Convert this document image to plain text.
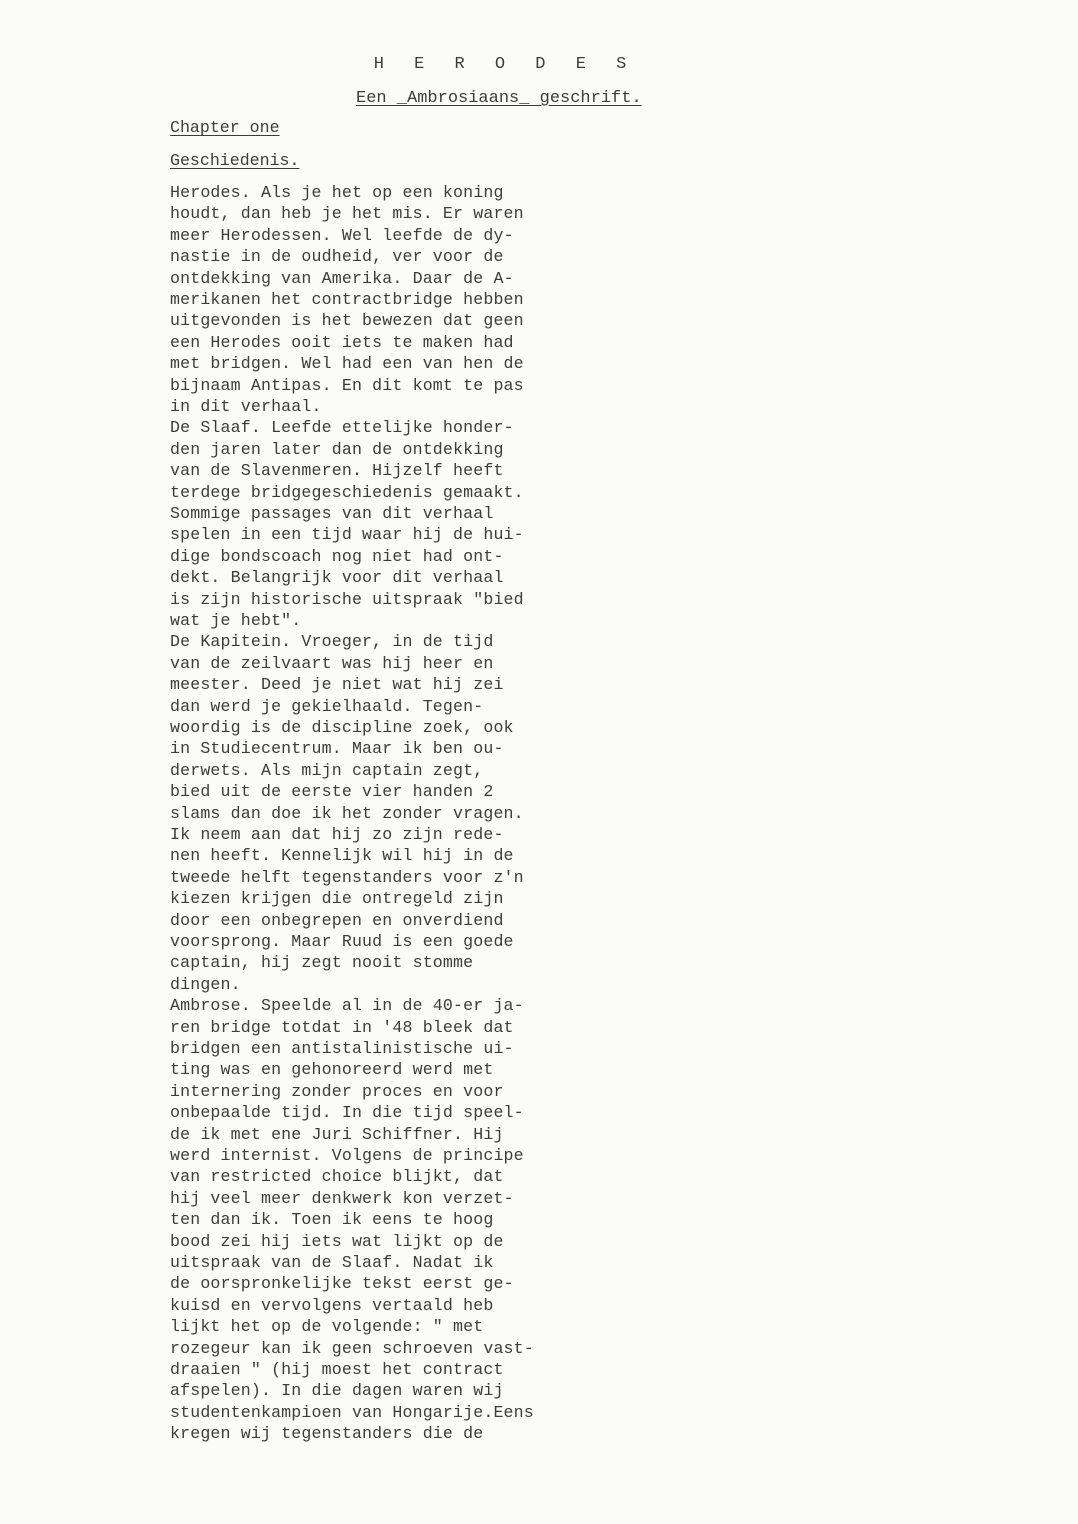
H E R O D E S
Een _Ambrosiaans_ geschrift.
Chapter one
Geschiedenis.
Herodes. Als je het op een koning
houdt, dan heb je het mis. Er waren
meer Herodessen. Wel leefde de dy-
nastie in de oudheid, ver voor de
ontdekking van Amerika. Daar de A-
merikanen het contractbridge hebben
uitgevonden is het bewezen dat geen
een Herodes ooit iets te maken had
met bridgen. Wel had een van hen de
bijnaam Antipas. En dit komt te pas
in dit verhaal.
De Slaaf. Leefde ettelijke honder-
den jaren later dan de ontdekking
van de Slavenmeren. Hijzelf heeft
terdege bridgegeschiedenis gemaakt.
Sommige passages van dit verhaal
spelen in een tijd waar hij de hui-
dige bondscoach nog niet had ont-
dekt. Belangrijk voor dit verhaal
is zijn historische uitspraak "bied
wat je hebt".
De Kapitein. Vroeger, in de tijd
van de zeilvaart was hij heer en
meester. Deed je niet wat hij zei
dan werd je gekielhaald. Tegen-
woordig is de discipline zoek, ook
in Studiecentrum. Maar ik ben ou-
derwets. Als mijn captain zegt,
bied uit de eerste vier handen 2
slams dan doe ik het zonder vragen.
Ik neem aan dat hij zo zijn rede-
nen heeft. Kennelijk wil hij in de
tweede helft tegenstanders voor z'n
kiezen krijgen die ontregeld zijn
door een onbegrepen en onverdiend
voorsprong. Maar Ruud is een goede
captain, hij zegt nooit stomme
dingen.
Ambrose. Speelde al in de 40-er ja-
ren bridge totdat in '48 bleek dat
bridgen een antistalinistische ui-
ting was en gehonoreerd werd met
internering zonder proces en voor
onbepaalde tijd. In die tijd speel-
de ik met ene Juri Schiffner. Hij
werd internist. Volgens de principe
van restricted choice blijkt, dat
hij veel meer denkwerk kon verzet-
ten dan ik. Toen ik eens te hoog
bood zei hij iets wat lijkt op de
uitspraak van de Slaaf. Nadat ik
de oorspronkelijke tekst eerst ge-
kuisd en vervolgens vertaald heb
lijkt het op de volgende: " met
rozegeur kan ik geen schroeven vast-
draaien " (hij moest het contract
afspelen). In die dagen waren wij
studentenkampioen van Hongarije.Eens
kregen wij tegenstanders die de
